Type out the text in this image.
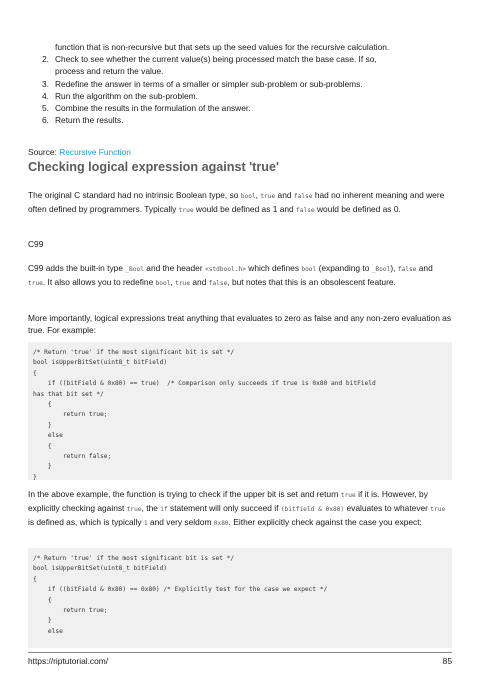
function that is non-recursive but that sets up the seed values for the recursive calculation.
2. Check to see whether the current value(s) being processed match the base case. If so,
process and return the value.
3. Redefine the answer in terms of a smaller or simpler sub-problem or sub-problems.
4. Run the algorithm on the sub-problem.
5. Combine the results in the formulation of the answer.
6. Return the results.
Source: Recursive Function
Checking logical expression against 'true'

The original C standard had no intrinsic Boolean type, so bool, true and false had no inherent meaning and were often defined by programmers. Typically true would be defined as 1 and false would be defined as 0.

C99

C99 adds the built-in type _Bool and the header <stdbool.h> which defines bool (expanding to _Bool), false and true. It also allows you to redefine bool, true and false, but notes that this is an obsolescent feature.

More importantly, logical expressions treat anything that evaluates to zero as false and any non-zero evaluation as true. For example:

/* Return 'true' if the most significant bit is set */
bool isUpperBitSet(uint8_t bitField)
{
if ((bitField & 0x80) == true)  /* Comparison only succeeds if true is 0x80 and bitField
has that bit set */
{
return true;
}
else
{
return false;
}
}

In the above example, the function is trying to check if the upper bit is set and return true if it is. However, by explicitly checking against true, the if statement will only succeed if (bitfield & 0x80) evaluates to whatever true is defined as, which is typically 1 and very seldom 0x80. Either explicitly check against the case you expect:

/* Return 'true' if the most significant bit is set */
bool isUpperBitSet(uint8_t bitField)
{
if ((bitField & 0x80) == 0x80) /* Explicitly test for the case we expect */
{
return true;
}
else
https://riptutorial.com/	85
